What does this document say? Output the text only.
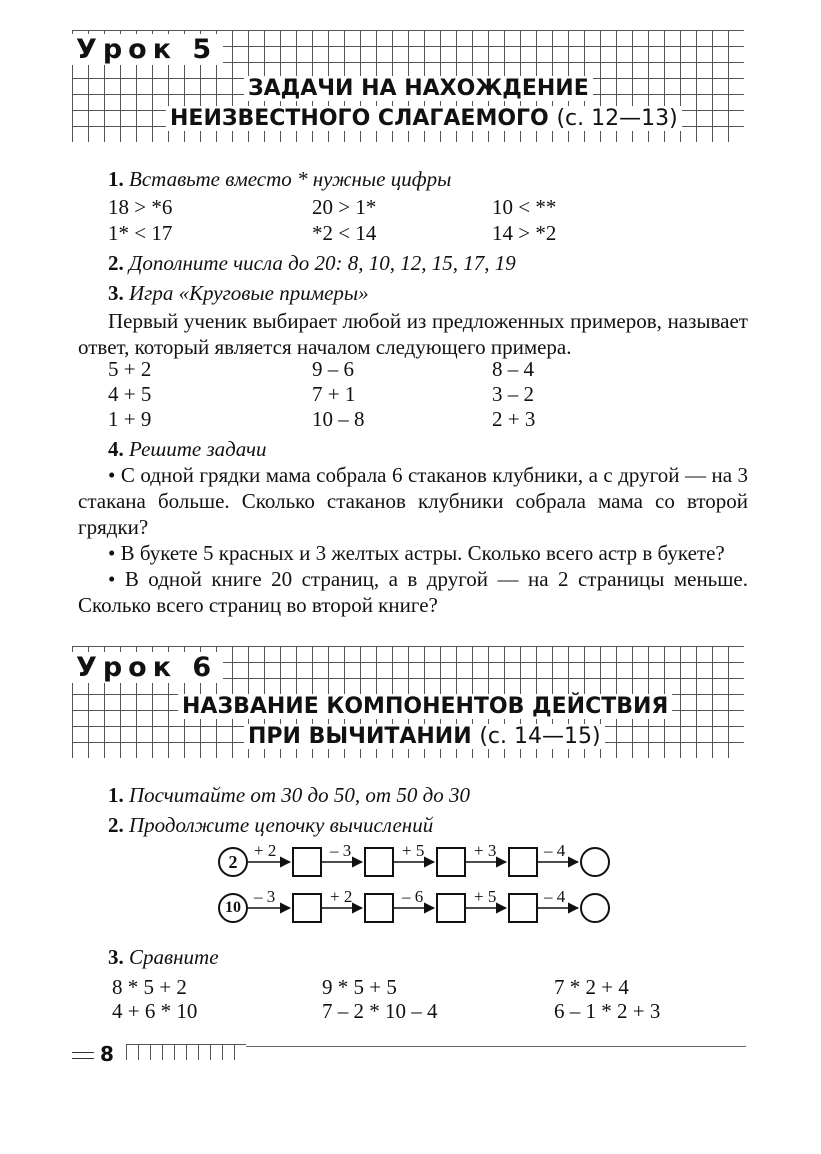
Урок 5
ЗАДАЧИ НА НАХОЖДЕНИЕ
НЕИЗВЕСТНОГО СЛАГАЕМОГО (с. 12—13)
1. Вставьте вместо * нужные цифры
18 > *6	20 > 1*	10 < **
1* < 17	*2 < 14	14 > *2
2. Дополните числа до 20: 8, 10, 12, 15, 17, 19
3. Игра «Круговые примеры»
Первый ученик выбирает любой из предложенных примеров, называет ответ, который является началом следующего примера.
5 + 2	9 – 6	8 – 4
4 + 5	7 + 1	3 – 2
1 + 9	10 – 8	2 + 3
4. Решите задачи
• С одной грядки мама собрала 6 стаканов клубники, а с другой — на 3 стакана больше. Сколько стаканов клубники собрала мама со второй грядки?
• В букете 5 красных и 3 желтых астры. Сколько всего астр в букете?
• В одной книге 20 страниц, а в другой — на 2 страницы меньше. Сколько всего страниц во второй книге?
Урок 6
НАЗВАНИЕ КОМПОНЕНТОВ ДЕЙСТВИЯ
ПРИ ВЫЧИТАНИИ (с. 14—15)
1. Посчитайте от 30 до 50, от 50 до 30
2. Продолжите цепочку вычислений
2
+ 2	– 3	+ 5	+ 3	– 4
10
– 3	+ 2	– 6	+ 5	– 4
3. Сравните
8 * 5 + 2	9 * 5 + 5	7 * 2 + 4
4 + 6 * 10	7 – 2 * 10 – 4	6 – 1 * 2 + 3
8
